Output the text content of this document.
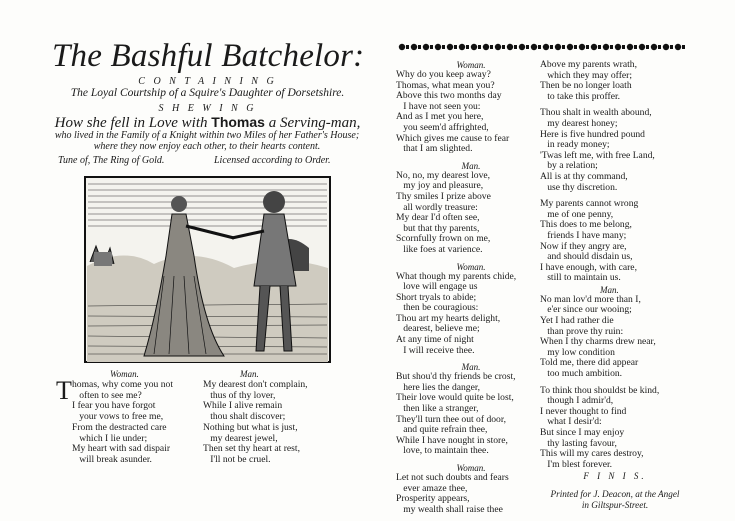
The Bashful Batchelor:
C O N T A I N I N G
The Loyal Courtship of a Squire's Daughter of Dorsetshire.
S H E W I N G
How she fell in Love with Thomas a Serving-man,
who lived in the Family of a Knight within two Miles of her Father's House; where they now enjoy each other, to their hearts content.
Tune of, The Ring of Gold.	Licensed according to Order.
Woman.
T homas, why come you not
often to see me?
I fear you have forgot
your vows to free me,
From the destracted care
which I lie under;
My heart with sad dispair
will break asunder.
Man.
My dearest don't complain,
thus of thy lover,
While I alive remain
thou shalt discover;
Nothing but what is just,
my dearest jewel,
Then set thy heart at rest,
I'll not be cruel.
Woman.
Why do you keep away?
Thomas, what mean you?
Above this two months day
I have not seen you:
And as I met you here,
you seem'd affrighted,
Which gives me cause to fear
that I am slighted.
Man.
No, no, my dearest love,
my joy and pleasure,
Thy smiles I prize above
all wordly treasure:
My dear I'd often see,
but that thy parents,
Scornfully frown on me,
like foes at varience.
Woman.
What though my parents chide,
love will engage us
Short tryals to abide;
then be couragious:
Thou art my hearts delight,
dearest, believe me;
At any time of night
I will receive thee.
Man.
But shou'd thy friends be crost,
here lies the danger,
Their love would quite be lost,
then like a stranger,
They'll turn thee out of door,
and quite refrain thee,
While I have nought in store,
love, to maintain thee.
Woman.
Let not such doubts and fears
ever amaze thee,
Prosperity appears,
my wealth shall raise thee
Above my parents wrath,
which they may offer;
Then be no longer loath
to take this proffer.
Thou shalt in wealth abound,
my dearest honey;
Here is five hundred pound
in ready money;
'Twas left me, with free Land,
by a relation;
All is at thy command,
use thy discretion.
My parents cannot wrong
me of one penny,
This does to me belong,
friends I have many;
Now if they angry are,
and should disdain us,
I have enough, with care,
still to maintain us.
Man.
No man lov'd more than I,
e'er since our wooing;
Yet I had rather die
than prove thy ruin:
When I thy charms drew near,
my low condition
Told me, there did appear
too much ambition.
To think thou shouldst be kind,
though I admir'd,
I never thought to find
what I desir'd:
But since I may enjoy
thy lasting favour,
This will my cares destroy,
I'm blest forever.
F I N I S.
Printed for J. Deacon, at the Angel
in Giltspur-Street.
